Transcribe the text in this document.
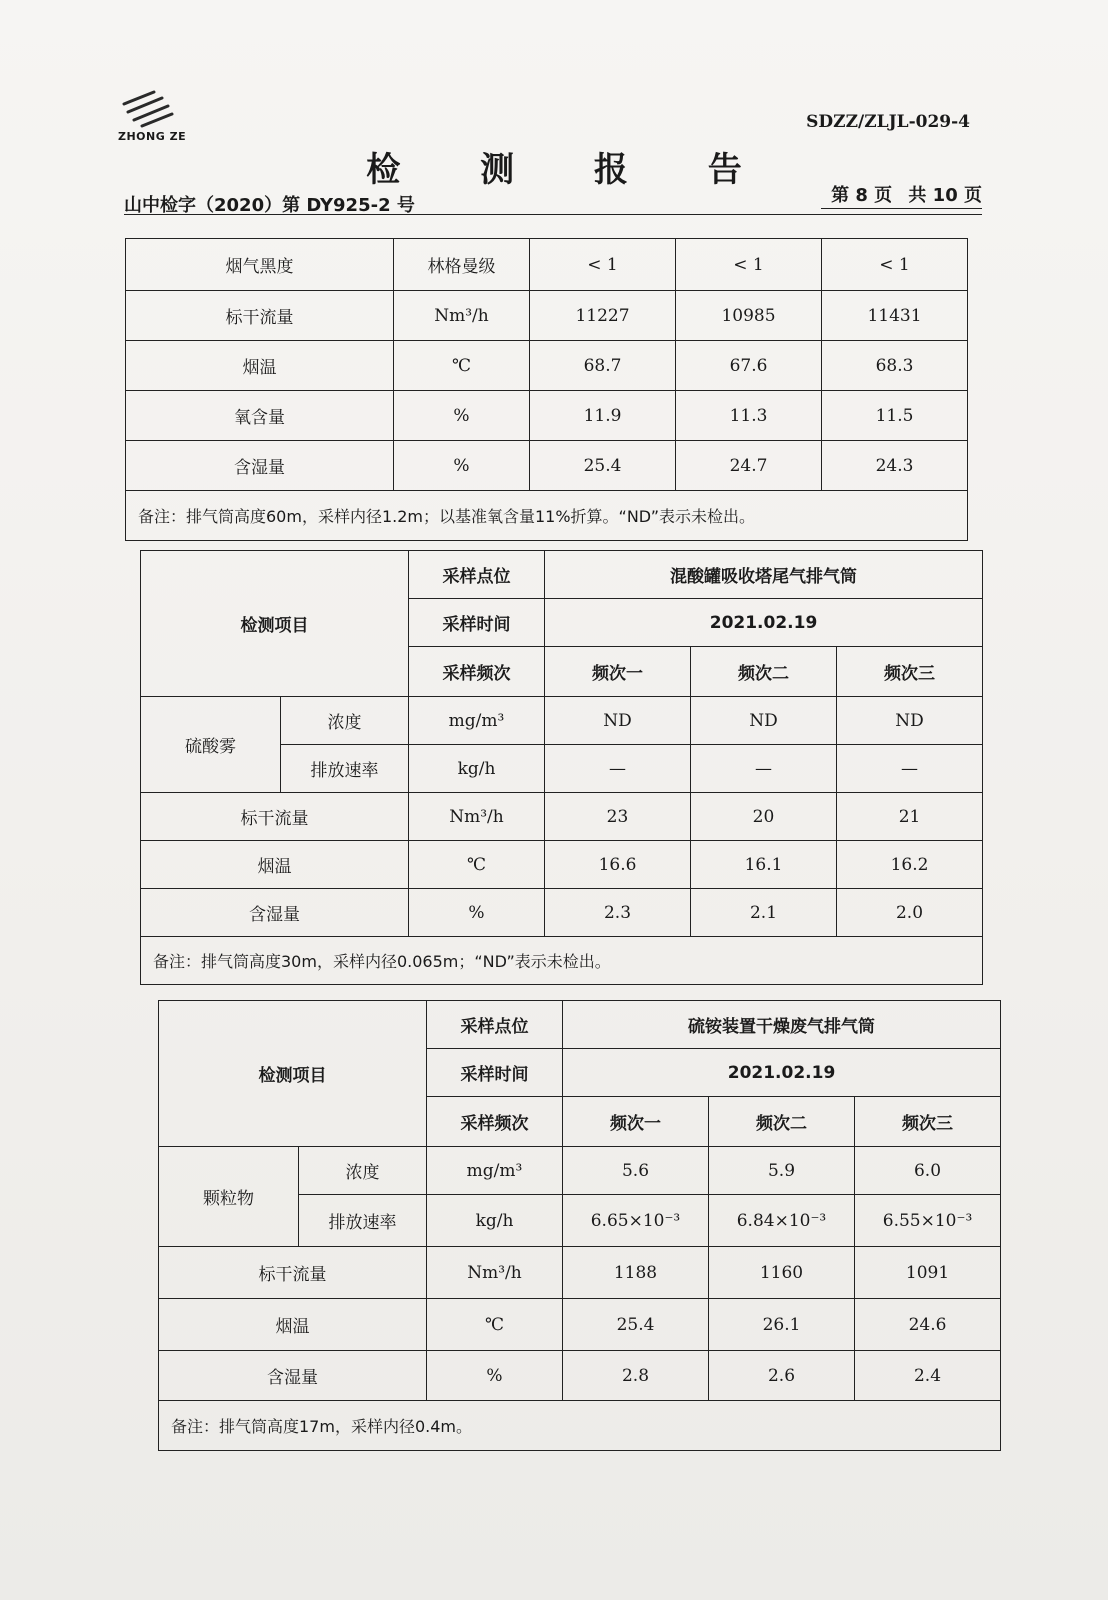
ZHONG ZE
SDZZ/ZLJL-029-4
检 测 报 告
山中检字（2020）第 DY925-2 号	第 8 页 共 10 页
烟气黑度	林格曼级	< 1	< 1	< 1
标干流量	Nm³/h	11227	10985	11431
烟温	℃	68.7	67.6	68.3
氧含量	%	11.9	11.3	11.5
含湿量	%	25.4	24.7	24.3
备注：排气筒高度60m，采样内径1.2m；以基准氧含量11%折算。“ND”表示未检出。				
检测项目		采样点位	混酸罐吸收塔尾气排气筒		
		采样时间	2021.02.19		
		采样频次	频次一	频次二	频次三
硫酸雾	浓度	mg/m³	ND	ND	ND
	排放速率	kg/h	—	—	—
标干流量		Nm³/h	23	20	21
烟温		℃	16.6	16.1	16.2
含湿量		%	2.3	2.1	2.0
备注：排气筒高度30m，采样内径0.065m；“ND”表示未检出。					
检测项目		采样点位	硫铵装置干燥废气排气筒		
		采样时间	2021.02.19		
		采样频次	频次一	频次二	频次三
颗粒物	浓度	mg/m³	5.6	5.9	6.0
	排放速率	kg/h	6.65×10⁻³	6.84×10⁻³	6.55×10⁻³
标干流量		Nm³/h	1188	1160	1091
烟温		℃	25.4	26.1	24.6
含湿量		%	2.8	2.6	2.4
备注：排气筒高度17m，采样内径0.4m。					
